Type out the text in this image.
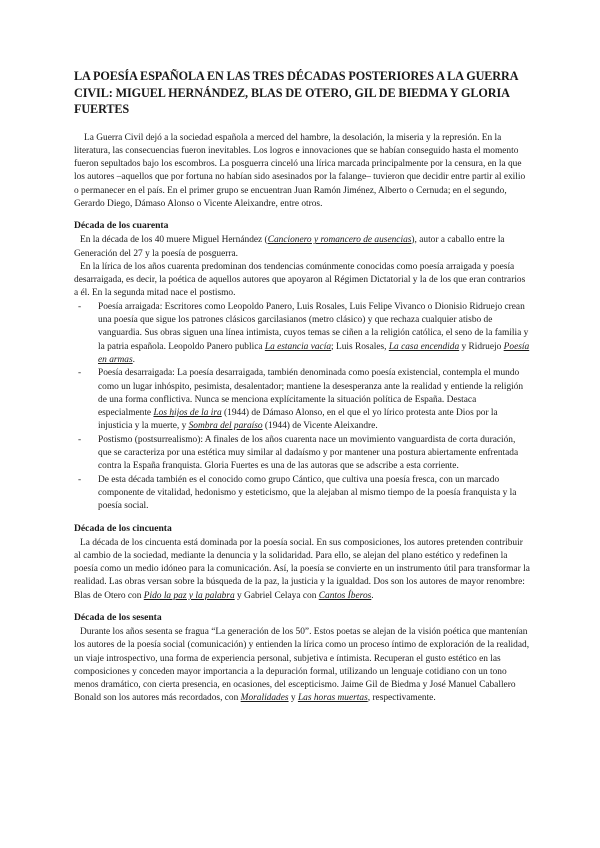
LA POESÍA ESPAÑOLA EN LAS TRES DÉCADAS POSTERIORES A LA GUERRA CIVIL: MIGUEL HERNÁNDEZ, BLAS DE OTERO, GIL DE BIEDMA Y GLORIA FUERTES

La Guerra Civil dejó a la sociedad española a merced del hambre, la desolación, la miseria y la represión. En la literatura, las consecuencias fueron inevitables. Los logros e innovaciones que se habían conseguido hasta el momento fueron sepultados bajo los escombros. La posguerra cinceló una lírica marcada principalmente por la censura, en la que los autores –aquellos que por fortuna no habían sido asesinados por la falange– tuvieron que decidir entre partir al exilio o permanecer en el país. En el primer grupo se encuentran Juan Ramón Jiménez, Alberto o Cernuda; en el segundo, Gerardo Diego, Dámaso Alonso o Vicente Aleixandre, entre otros.

Década de los cuarenta

En la década de los 40 muere Miguel Hernández (Cancionero y romancero de ausencias), autor a caballo entre la Generación del 27 y la poesía de posguerra.

En la lírica de los años cuarenta predominan dos tendencias comúnmente conocidas como poesía arraigada y poesía desarraigada, es decir, la poética de aquellos autores que apoyaron al Régimen Dictatorial y la de los que eran contrarios a él. En la segunda mitad nace el postismo.

- Poesía arraigada: Escritores como Leopoldo Panero, Luis Rosales, Luis Felipe Vivanco o Dionisio Ridruejo crean una poesía que sigue los patrones clásicos garcilasianos (metro clásico) y que rechaza cualquier atisbo de vanguardia. Sus obras siguen una línea intimista, cuyos temas se ciñen a la religión católica, el seno de la familia y la patria española. Leopoldo Panero publica La estancia vacía; Luis Rosales, La casa encendida y Ridruejo Poesía en armas.
- Poesía desarraigada: La poesía desarraigada, también denominada como poesía existencial, contempla el mundo como un lugar inhóspito, pesimista, desalentador; mantiene la desesperanza ante la realidad y entiende la religión de una forma conflictiva. Nunca se menciona explícitamente la situación política de España. Destaca especialmente Los hijos de la ira (1944) de Dámaso Alonso, en el que el yo lírico protesta ante Dios por la injusticia y la muerte, y Sombra del paraíso (1944) de Vicente Aleixandre.
- Postismo (postsurrealismo): A finales de los años cuarenta nace un movimiento vanguardista de corta duración, que se caracteriza por una estética muy similar al dadaísmo y por mantener una postura abiertamente enfrentada contra la España franquista. Gloria Fuertes es una de las autoras que se adscribe a esta corriente.
- De esta década también es el conocido como grupo Cántico, que cultiva una poesía fresca, con un marcado componente de vitalidad, hedonismo y esteticismo, que la alejaban al mismo tiempo de la poesía franquista y la poesía social.
Década de los cincuenta

La década de los cincuenta está dominada por la poesía social. En sus composiciones, los autores pretenden contribuir al cambio de la sociedad, mediante la denuncia y la solidaridad. Para ello, se alejan del plano estético y redefinen la poesía como un medio idóneo para la comunicación. Así, la poesía se convierte en un instrumento útil para transformar la realidad. Las obras versan sobre la búsqueda de la paz, la justicia y la igualdad. Dos son los autores de mayor renombre: Blas de Otero con Pido la paz y la palabra y Gabriel Celaya con Cantos Íberos.

Década de los sesenta

Durante los años sesenta se fragua “La generación de los 50”. Estos poetas se alejan de la visión poética que mantenían los autores de la poesía social (comunicación) y entienden la lírica como un proceso íntimo de exploración de la realidad, un viaje introspectivo, una forma de experiencia personal, subjetiva e íntimista. Recuperan el gusto estético en las composiciones y conceden mayor importancia a la depuración formal, utilizando un lenguaje cotidiano con un tono menos dramático, con cierta presencia, en ocasiones, del escepticismo. Jaime Gil de Biedma y José Manuel Caballero Bonald son los autores más recordados, con Moralidades y Las horas muertas, respectivamente.
